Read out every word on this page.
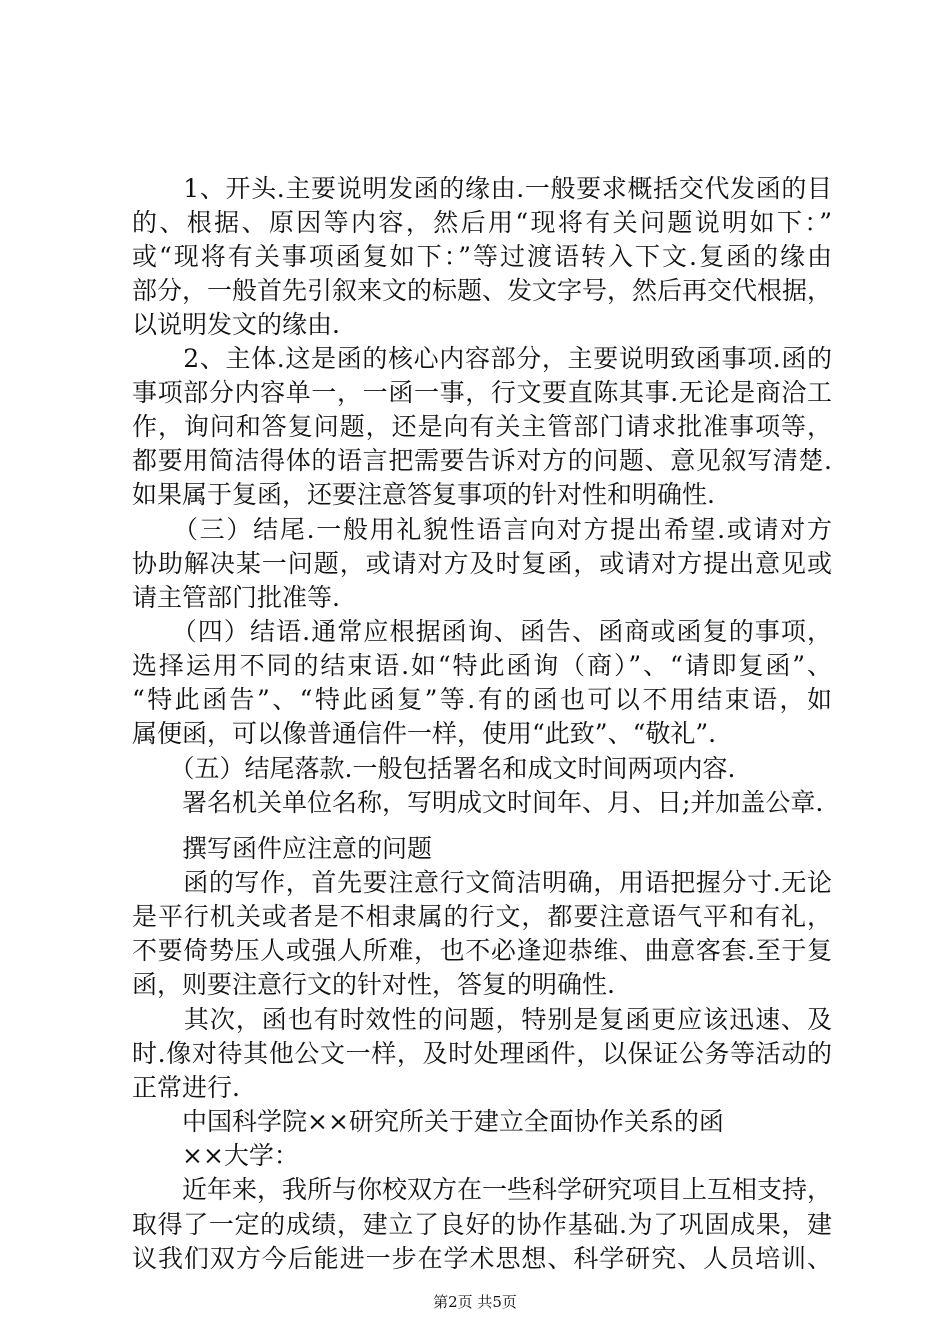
　　1、开头.主要说明发函的缘由.一般要求概括交代发函的目
的、根据、原因等内容，然后用“现将有关问题说明如下：”
或“现将有关事项函复如下：”等过渡语转入下文.复函的缘由
部分，一般首先引叙来文的标题、发文字号，然后再交代根据，
以说明发文的缘由.
　　2、主体.这是函的核心内容部分，主要说明致函事项.函的
事项部分内容单一，一函一事，行文要直陈其事.无论是商洽工
作，询问和答复问题，还是向有关主管部门请求批准事项等，
都要用简洁得体的语言把需要告诉对方的问题、意见叙写清楚.
如果属于复函，还要注意答复事项的针对性和明确性.
　　（三）结尾.一般用礼貌性语言向对方提出希望.或请对方
协助解决某一问题，或请对方及时复函，或请对方提出意见或
请主管部门批准等.
　　（四）结语.通常应根据函询、函告、函商或函复的事项，
选择运用不同的结束语.如“特此函询（商）”、“请即复函”、
“特此函告”、“特此函复”等.有的函也可以不用结束语，如
属便函，可以像普通信件一样，使用“此致”、“敬礼”.
　　（五）结尾落款.一般包括署名和成文时间两项内容.
　　署名机关单位名称，写明成文时间年、月、日;并加盖公章.
　　撰写函件应注意的问题
　　函的写作，首先要注意行文简洁明确，用语把握分寸.无论
是平行机关或者是不相隶属的行文，都要注意语气平和有礼，
不要倚势压人或强人所难，也不必逢迎恭维、曲意客套.至于复
函，则要注意行文的针对性，答复的明确性.
　　其次，函也有时效性的问题，特别是复函更应该迅速、及
时.像对待其他公文一样，及时处理函件，以保证公务等活动的
正常进行.
　　中国科学院××研究所关于建立全面协作关系的函
　　××大学：
　　近年来，我所与你校双方在一些科学研究项目上互相支持，
取得了一定的成绩，建立了良好的协作基础.为了巩固成果，建
议我们双方今后能进一步在学术思想、科学研究、人员培训、
第2页 共5页
